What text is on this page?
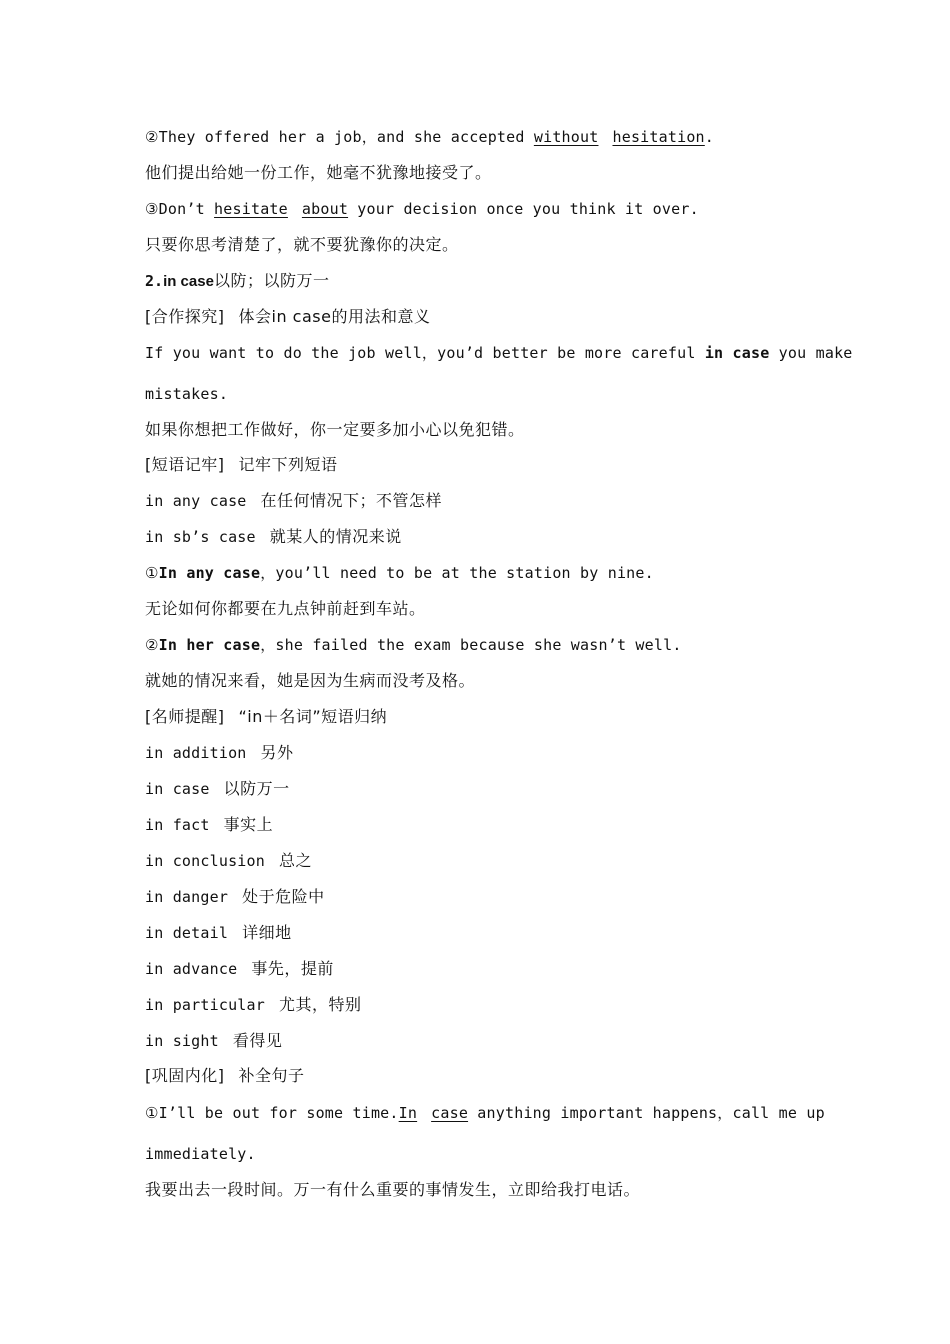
②They offered her a job，and she accepted without hesitation.
他们提出给她一份工作，她毫不犹豫地接受了。
③Don’t hesitate about your decision once you think it over.
只要你思考清楚了，就不要犹豫你的决定。
2.in case以防；以防万一
[合作探究] 体会in case的用法和意义
If you want to do the job well，you’d better be more careful in case you make
mistakes.
如果你想把工作做好，你一定要多加小心以免犯错。
[短语记牢] 记牢下列短语
in any case 在任何情况下；不管怎样
in sb’s case 就某人的情况来说
①In any case，you’ll need to be at the station by nine.
无论如何你都要在九点钟前赶到车站。
②In her case，she failed the exam because she wasn’t well.
就她的情况来看，她是因为生病而没考及格。
[名师提醒] “in＋名词”短语归纳
in addition 另外
in case 以防万一
in fact 事实上
in conclusion 总之
in danger 处于危险中
in detail 详细地
in advance 事先，提前
in particular 尤其，特别
in sight 看得见
[巩固内化] 补全句子
①I’ll be out for some time.In case anything important happens，call me up
immediately.
我要出去一段时间。万一有什么重要的事情发生，立即给我打电话。
